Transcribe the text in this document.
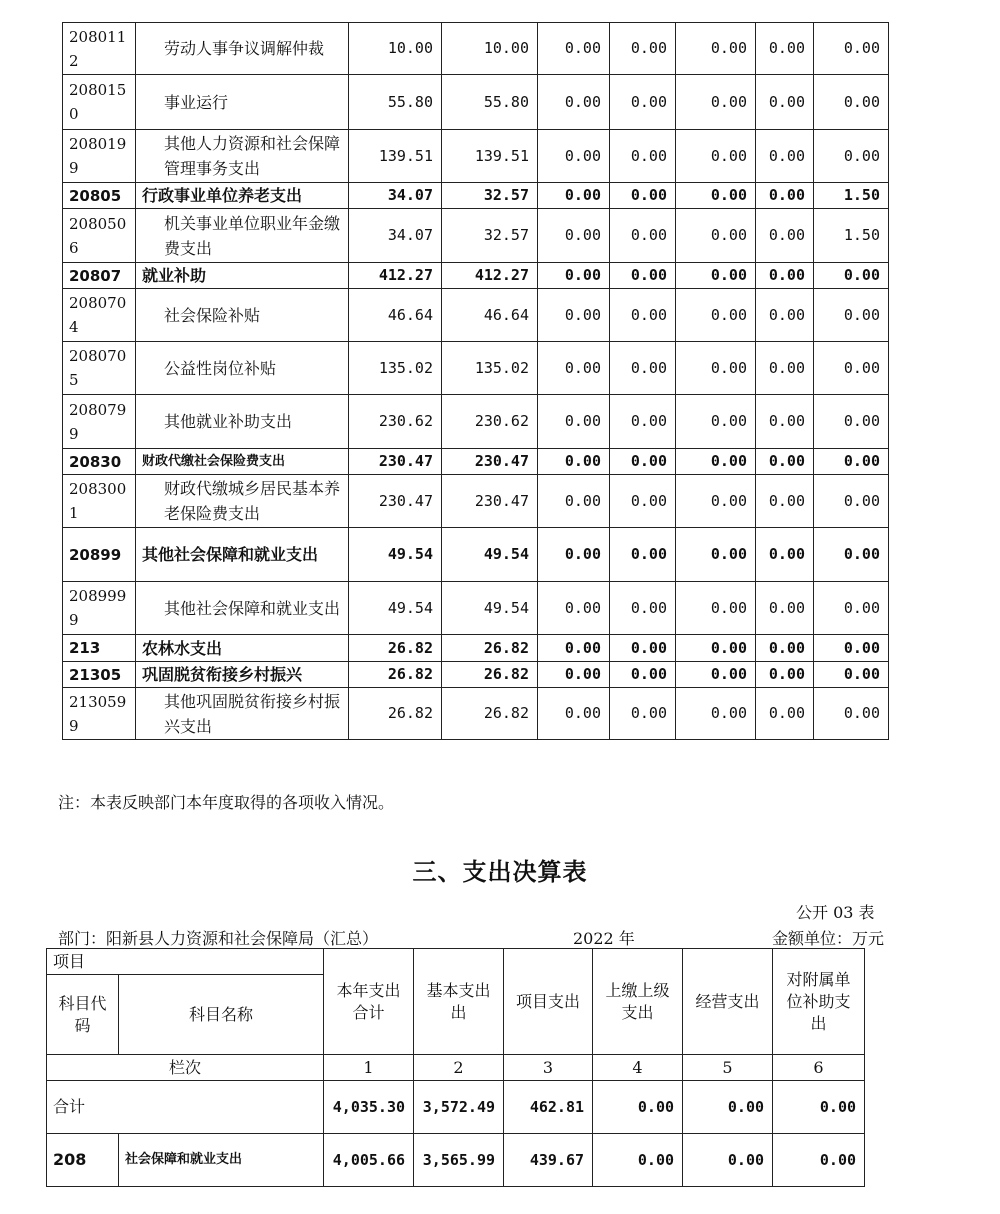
2080112	劳动人事争议调解仲裁	10.00	10.00	0.00	0.00	0.00	0.00	0.00
2080150	事业运行	55.80	55.80	0.00	0.00	0.00	0.00	0.00
2080199	其他人力资源和社会保障管理事务支出	139.51	139.51	0.00	0.00	0.00	0.00	0.00
20805	行政事业单位养老支出	34.07	32.57	0.00	0.00	0.00	0.00	1.50
2080506	机关事业单位职业年金缴费支出	34.07	32.57	0.00	0.00	0.00	0.00	1.50
20807	就业补助	412.27	412.27	0.00	0.00	0.00	0.00	0.00
2080704	社会保险补贴	46.64	46.64	0.00	0.00	0.00	0.00	0.00
2080705	公益性岗位补贴	135.02	135.02	0.00	0.00	0.00	0.00	0.00
2080799	其他就业补助支出	230.62	230.62	0.00	0.00	0.00	0.00	0.00
20830	财政代缴社会保险费支出	230.47	230.47	0.00	0.00	0.00	0.00	0.00
2083001	财政代缴城乡居民基本养老保险费支出	230.47	230.47	0.00	0.00	0.00	0.00	0.00
20899	其他社会保障和就业支出	49.54	49.54	0.00	0.00	0.00	0.00	0.00
2089999	其他社会保障和就业支出	49.54	49.54	0.00	0.00	0.00	0.00	0.00
213	农林水支出	26.82	26.82	0.00	0.00	0.00	0.00	0.00
21305	巩固脱贫衔接乡村振兴	26.82	26.82	0.00	0.00	0.00	0.00	0.00
2130599	其他巩固脱贫衔接乡村振兴支出	26.82	26.82	0.00	0.00	0.00	0.00	0.00
注：本表反映部门本年度取得的各项收入情况。
三、支出决算表
公开 03 表
部门：阳新县人力资源和社会保障局（汇总）	2022 年	金额单位：万元
项目		本年支出合计	基本支出出	项目支出	上缴上级支出	经营支出	对附属单位补助支出
科目代码	科目名称						
栏次		1	2	3	4	5	6
合计		4,035.30	3,572.49	462.81	0.00	0.00	0.00
208	社会保障和就业支出	4,005.66	3,565.99	439.67	0.00	0.00	0.00
